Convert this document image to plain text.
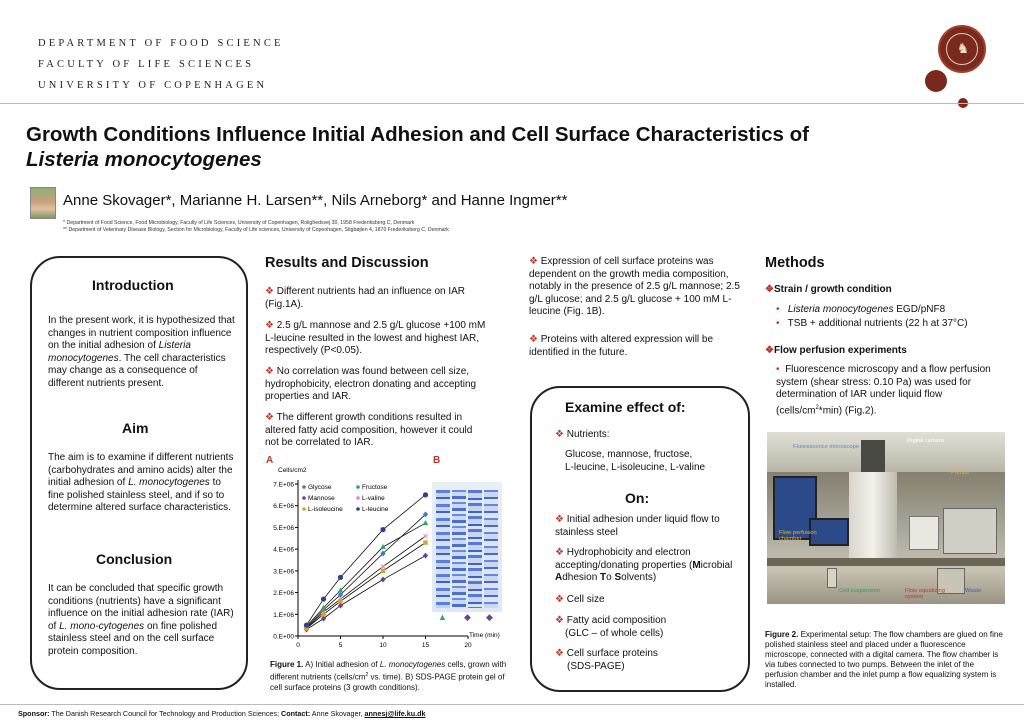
DEPARTMENT OF FOOD SCIENCE
FACULTY OF LIFE SCIENCES
UNIVERSITY OF COPENHAGEN
♞
Growth Conditions Influence Initial Adhesion and Cell Surface Characteristics of
Listeria monocytogenes
Anne Skovager*, Marianne H. Larsen**, Nils Arneborg* and Hanne Ingmer**
* Department of Food Science, Food Microbiology, Faculty of Life Sciences, University of Copenhagen, Rolighedsvej 30, 1958 Frederiksberg C, Denmark
** Department of Veterinary Disease Biology, Section for Microbiology, Faculty of Life sciences, University of Copenhagen, Stigbøjlen 4, 1870 Frederiksberg C, Denmark
Introduction
In the present work, it is hypothesized that changes in nutrient composition influence on the initial adhesion of Listeria monocytogenes. The cell characteristics may change as a consequence of different nutrients present.
Aim
The aim is to examine if different nutrients (carbohydrates and amino acids) alter the initial adhesion of L. monocytogenes to fine polished stainless steel, and if so to determine altered surface characteristics.
Conclusion
It can be concluded that specific growth conditions (nutrients) have a significant influence on the initial adhesion rate (IAR) of L. mono-cytogenes on fine polished stainless steel and on the cell surface protein composition.
Results and Discussion
❖ Different nutrients had an influence on IAR (Fig.1A).
❖ 2.5 g/L mannose and 2.5 g/L glucose +100 mM L-leucine resulted in the lowest and highest IAR, respectively (P<0.05).
❖ No correlation was found between cell size, hydrophobicity, electron donating and accepting properties and IAR.
❖ The different growth conditions resulted in altered fatty acid composition, however it could not be correlated to IAR.
❖ Expression of cell surface proteins was dependent on the growth media composition, notably in the presence of 2.5 g/L mannose; 2.5 g/L glucose; and 2.5 g/L glucose + 100 mM L-leucine (Fig. 1B).
❖ Proteins with altered expression will be identified in the future.
A	B
0.E+00
1.E+06
2.E+06
3.E+06
4.E+06
5.E+06
6.E+06
7.E+06
0	5	10	15	20
Cells/cm2
Time (min)
Glycose	Fructose
Mannose	L-valine
L-isoleucine	L-leucine
▲ ◆ ◆
Figure 1. A) Initial adhesion of L. monocytogenes cells, grown with different nutrients ($cells/cm^2$ vs. time). B) SDS-PAGE protein gel of cell surface proteins (3 growth conditions).
Examine effect of:
❖ Nutrients:
Glucose, mannose, fructose,
L-leucine, L-isoleucine, L-valine
On:
❖ Initial adhesion under liquid flow to stainless steel
❖ Hydrophobicity and electron accepting/donating properties (Microbial Adhesion To Solvents)
❖ Cell size
❖ Fatty acid composition
(GLC – of whole cells)
❖ Cell surface proteins
(SDS-PAGE)
Methods
❖Strain / growth condition
• Listeria monocytogenes EGD/pNF8
• TSB + additional nutrients (22 h at 37°C)
❖Flow perfusion experiments
• Fluorescence microscopy and a flow perfusion system (shear stress: 0.10 Pa) was used for determination of IAR under liquid flow $(cells/cm^2*\min)$ (Fig.2).
Fluorescence microscope
Digital camera
Pumps
Flow perfusion chamber
Cell suspension	Flow equalizing system
Waste
Figure 2. Experimental setup: The flow chambers are glued on fine polished stainless steel and placed under a fluorescence microscope, connected with a digital camera. The flow chamber is via tubes connected to two pumps. Between the inlet of the perfusion chamber and the inlet pump a flow equalizing system is installed.
Sponsor: The Danish Research Council for Technology and Production Sciences; Contact: Anne Skovager, annesj@life.ku.dk
